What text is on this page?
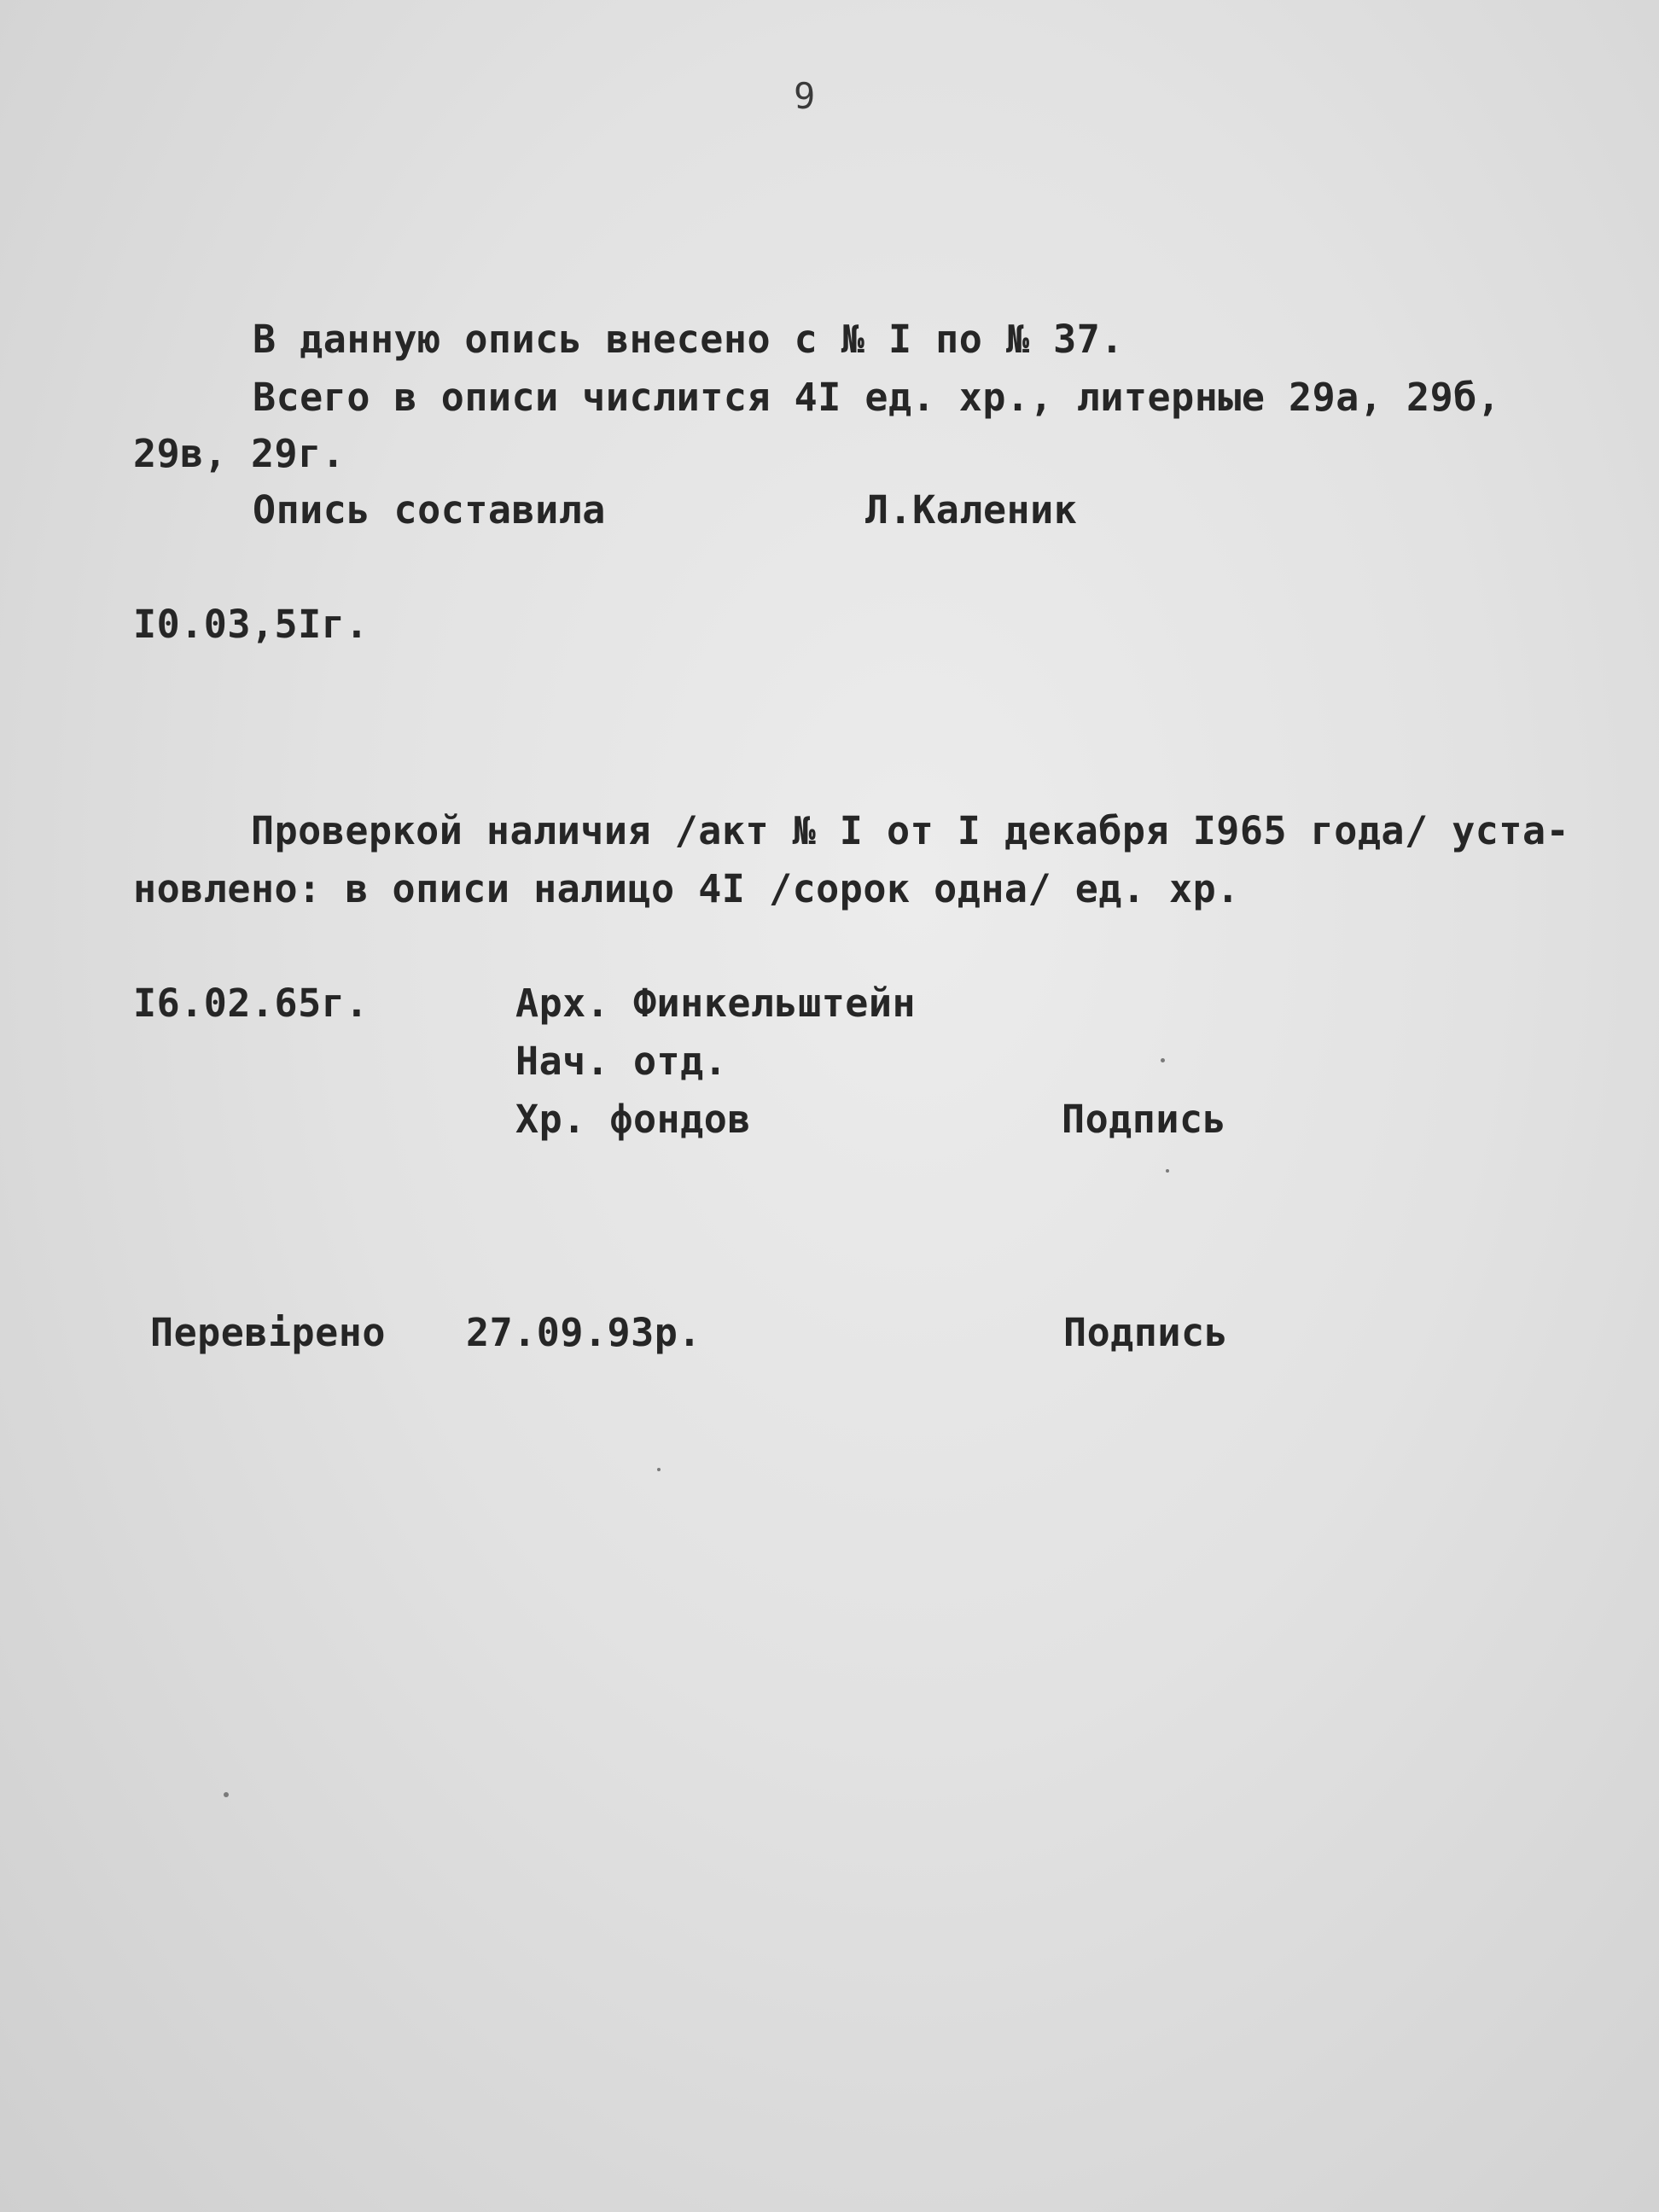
9
В данную опись внесено с № I по № 37.
Всего в описи числится 4I ед. хр., литерные 29а, 29б,
29в, 29г.
Опись составила	Л.Каленик
I0.03,5Iг.
Проверкой наличия /акт № I от I декабря I965 года/ уста-
новлено: в описи налицо 4I /сорок одна/ ед. хр.
I6.02.65г.	Арх. Финкельштейн
Нач. отд.
Хр. фондов	Подпись
Перевірено 27.09.93р.	Подпись
